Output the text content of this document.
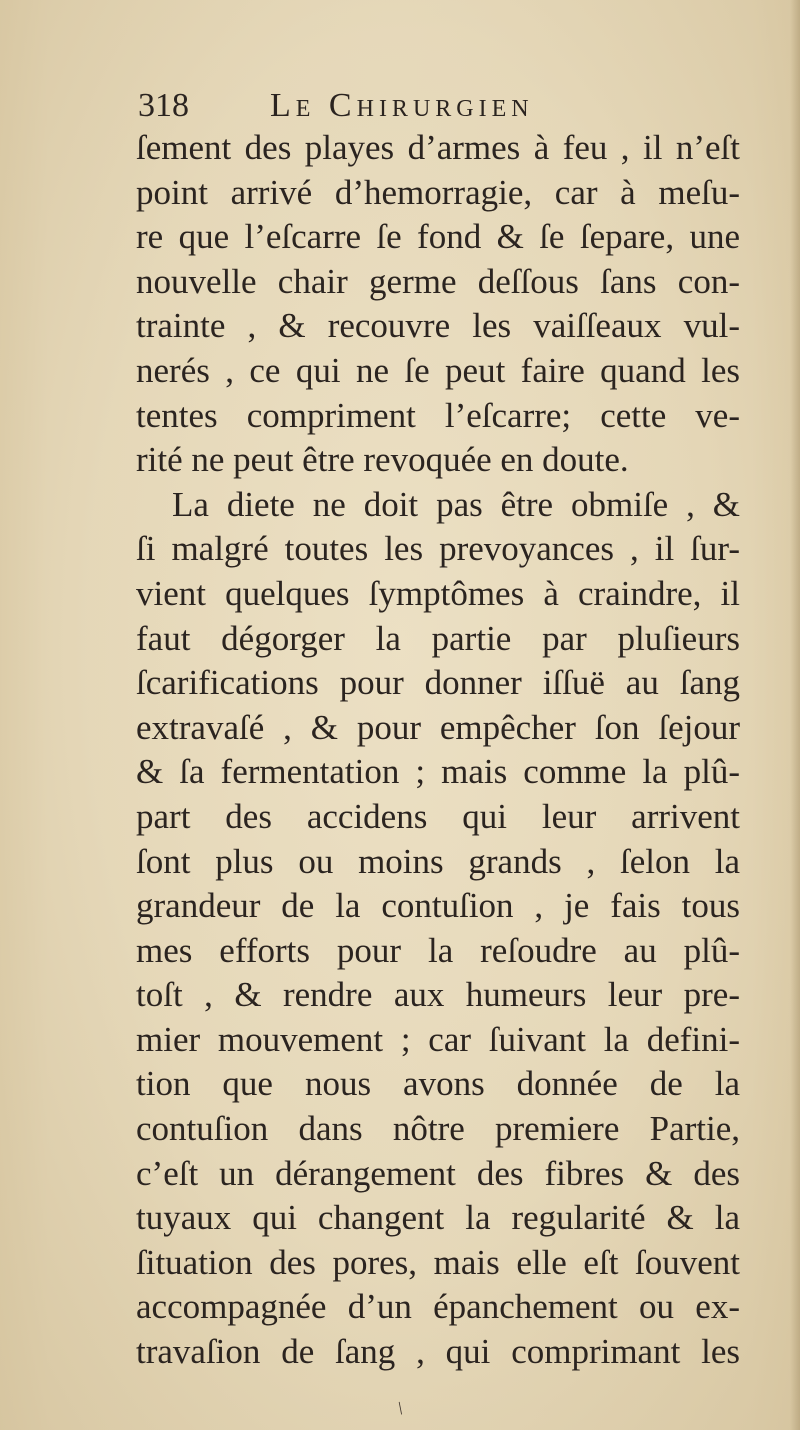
318 Le Chirurgien
ſement des playes d’armes à feu , il n’eſt
point arrivé d’hemorragie, car à meſu-
re que l’eſcarre ſe fond & ſe ſepare, une
nouvelle chair germe deſſous ſans con-
trainte , & recouvre les vaiſſeaux vul-
nerés , ce qui ne ſe peut faire quand les
tentes compriment l’eſcarre; cette ve-
rité ne peut être revoquée en doute.
La diete ne doit pas être obmiſe , &
ſi malgré toutes les prevoyances , il ſur-
vient quelques ſymptômes à craindre, il
faut dégorger la partie par pluſieurs
ſcarifications pour donner iſſuë au ſang
extravaſé , & pour empêcher ſon ſejour
& ſa fermentation ; mais comme la plû-
part des accidens qui leur arrivent
ſont plus ou moins grands , ſelon la
grandeur de la contuſion , je fais tous
mes efforts pour la reſoudre au plû-
toſt , & rendre aux humeurs leur pre-
mier mouvement ; car ſuivant la defini-
tion que nous avons donnée de la
contuſion dans nôtre premiere Partie,
c’eſt un dérangement des fibres & des
tuyaux qui changent la regularité & la
ſituation des pores, mais elle eſt ſouvent
accompagnée d’un épanchement ou ex-
travaſion de ſang , qui comprimant les
/
